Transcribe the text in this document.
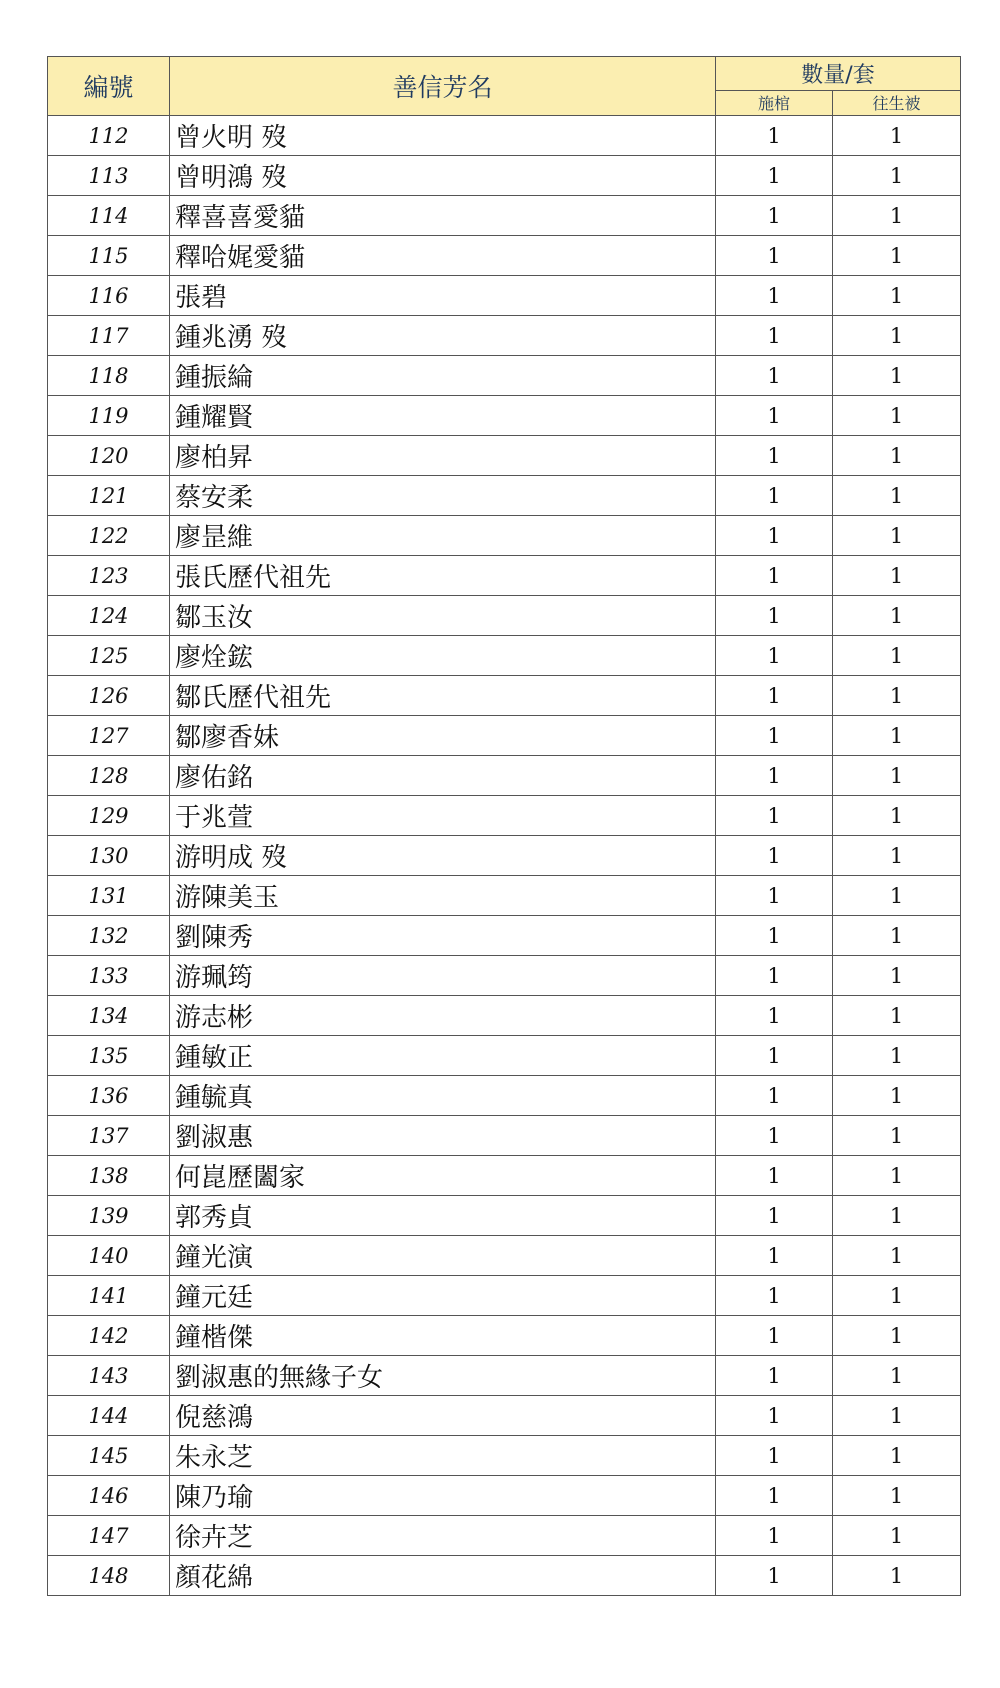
編號	善信芳名	數量/套	
		施棺	往生被
112	曾火明 歿	1	1
113	曾明鴻 歿	1	1
114	釋喜喜愛貓	1	1
115	釋哈娓愛貓	1	1
116	張碧	1	1
117	鍾兆湧 歿	1	1
118	鍾振綸	1	1
119	鍾耀賢	1	1
120	廖柏昇	1	1
121	蔡安柔	1	1
122	廖昰維	1	1
123	張氏歷代祖先	1	1
124	鄒玉汝	1	1
125	廖烇鋐	1	1
126	鄒氏歷代祖先	1	1
127	鄒廖香妹	1	1
128	廖佑銘	1	1
129	于兆萱	1	1
130	游明成 歿	1	1
131	游陳美玉	1	1
132	劉陳秀	1	1
133	游珮筠	1	1
134	游志彬	1	1
135	鍾敏正	1	1
136	鍾毓真	1	1
137	劉淑惠	1	1
138	何崑歷闔家	1	1
139	郭秀貞	1	1
140	鐘光演	1	1
141	鐘元廷	1	1
142	鐘楷傑	1	1
143	劉淑惠的無緣子女	1	1
144	倪慈鴻	1	1
145	朱永芝	1	1
146	陳乃瑜	1	1
147	徐卉芝	1	1
148	顏花綿	1	1
